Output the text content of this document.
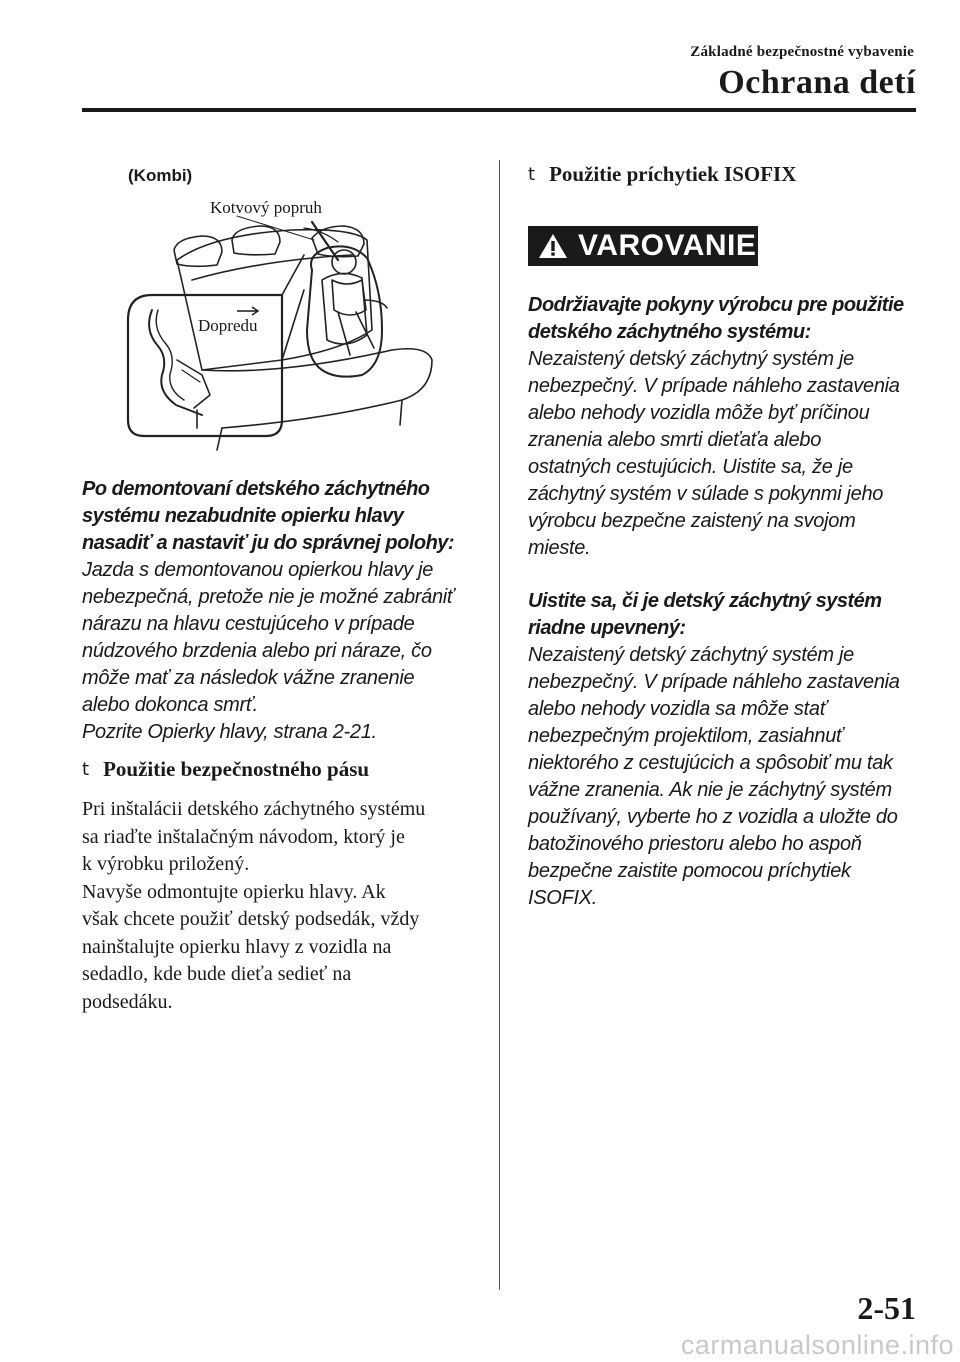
Základné bezpečnostné vybavenie
Ochrana detí
(Kombi)
Kotvový popruh
Dopredu
Po demontovaní detského záchytného
systému nezabudnite opierku hlavy
nasadiť a nastaviť ju do správnej polohy:
Jazda s demontovanou opierkou hlavy je
nebezpečná, pretože nie je možné zabrániť
nárazu na hlavu cestujúceho v prípade
núdzového brzdenia alebo pri náraze, čo
môže mať za následok vážne zranenie
alebo dokonca smrť.
Pozrite Opierky hlavy, strana 2-21.
t Použitie bezpečnostného pásu
Pri inštalácii detského záchytného systému
sa riaďte inštalačným návodom, ktorý je
k výrobku priložený.
Navyše odmontujte opierku hlavy. Ak
však chcete použiť detský podsedák, vždy
nainštalujte opierku hlavy z vozidla na
sedadlo, kde bude dieťa sedieť na
podsedáku.
t Použitie príchytiek ISOFIX
VAROVANIE
Dodržiavajte pokyny výrobcu pre použitie
detského záchytného systému:
Nezaistený detský záchytný systém je
nebezpečný. V prípade náhleho zastavenia
alebo nehody vozidla môže byť príčinou
zranenia alebo smrti dieťaťa alebo
ostatných cestujúcich. Uistite sa, že je
záchytný systém v súlade s pokynmi jeho
výrobcu bezpečne zaistený na svojom
mieste.
Uistite sa, či je detský záchytný systém
riadne upevnený:
Nezaistený detský záchytný systém je
nebezpečný. V prípade náhleho zastavenia
alebo nehody vozidla sa môže stať
nebezpečným projektilom, zasiahnuť
niektorého z cestujúcich a spôsobiť mu tak
vážne zranenia. Ak nie je záchytný systém
používaný, vyberte ho z vozidla a uložte do
batožinového priestoru alebo ho aspoň
bezpečne zaistite pomocou príchytiek
ISOFIX.
2-51
carmanualsonline.info
